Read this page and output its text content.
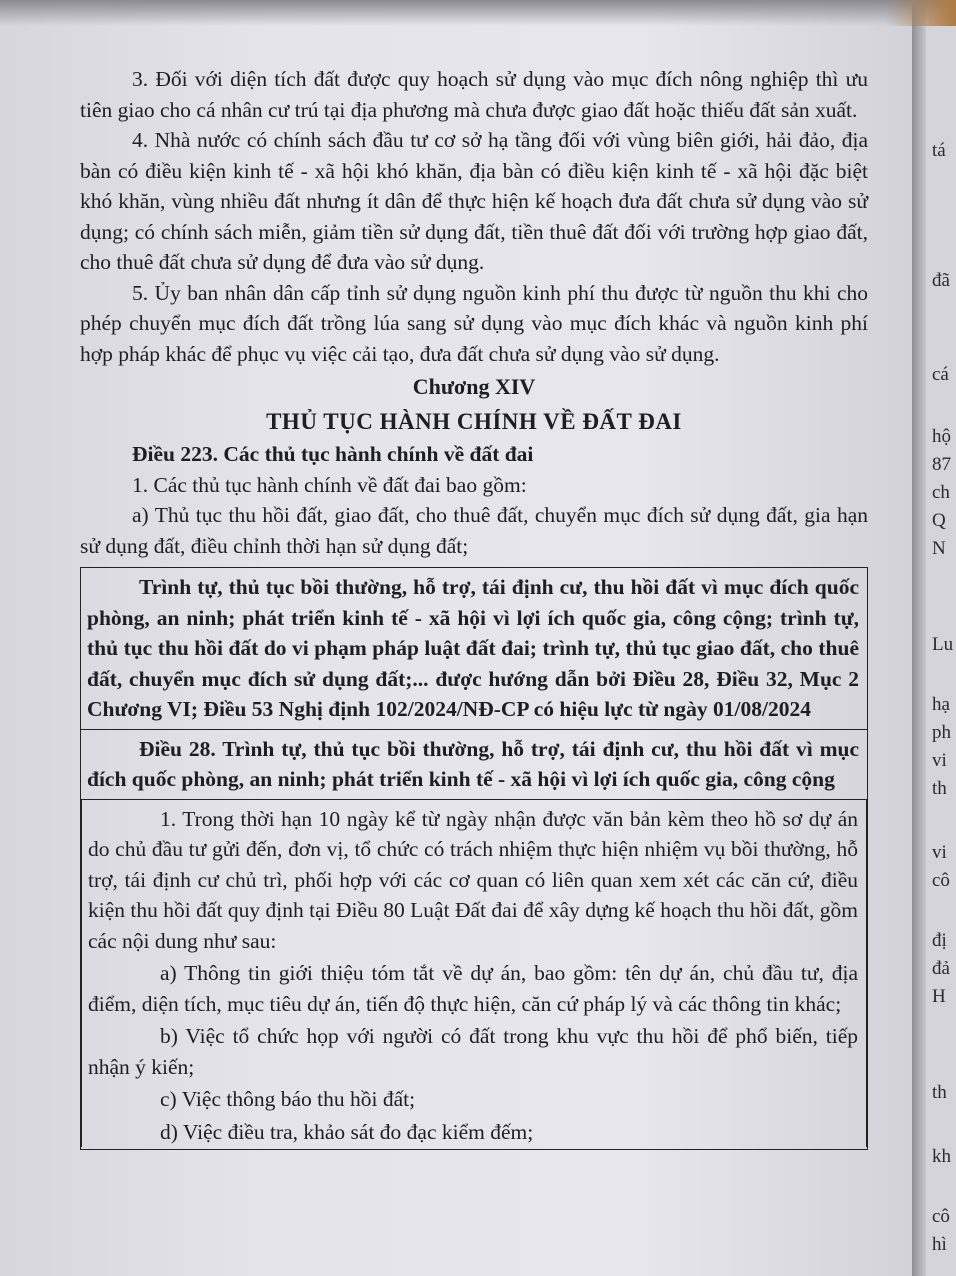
3. Đối với diện tích đất được quy hoạch sử dụng vào mục đích nông nghiệp thì ưu tiên giao cho cá nhân cư trú tại địa phương mà chưa được giao đất hoặc thiếu đất sản xuất.

4. Nhà nước có chính sách đầu tư cơ sở hạ tầng đối với vùng biên giới, hải đảo, địa bàn có điều kiện kinh tế - xã hội khó khăn, địa bàn có điều kiện kinh tế - xã hội đặc biệt khó khăn, vùng nhiều đất nhưng ít dân để thực hiện kế hoạch đưa đất chưa sử dụng vào sử dụng; có chính sách miễn, giảm tiền sử dụng đất, tiền thuê đất đối với trường hợp giao đất, cho thuê đất chưa sử dụng để đưa vào sử dụng.

5. Ủy ban nhân dân cấp tỉnh sử dụng nguồn kinh phí thu được từ nguồn thu khi cho phép chuyển mục đích đất trồng lúa sang sử dụng vào mục đích khác và nguồn kinh phí hợp pháp khác để phục vụ việc cải tạo, đưa đất chưa sử dụng vào sử dụng.

Chương XIV

THỦ TỤC HÀNH CHÍNH VỀ ĐẤT ĐAI

Điều 223. Các thủ tục hành chính về đất đai

1. Các thủ tục hành chính về đất đai bao gồm:

a) Thủ tục thu hồi đất, giao đất, cho thuê đất, chuyển mục đích sử dụng đất, gia hạn sử dụng đất, điều chỉnh thời hạn sử dụng đất;

Trình tự, thủ tục bồi thường, hỗ trợ, tái định cư, thu hồi đất vì mục đích quốc phòng, an ninh; phát triển kinh tế - xã hội vì lợi ích quốc gia, công cộng; trình tự, thủ tục thu hồi đất do vi phạm pháp luật đất đai; trình tự, thủ tục giao đất, cho thuê đất, chuyển mục đích sử dụng đất;... được hướng dẫn bởi Điều 28, Điều 32, Mục 2 Chương VI; Điều 53 Nghị định 102/2024/NĐ-CP có hiệu lực từ ngày 01/08/2024

Điều 28. Trình tự, thủ tục bồi thường, hỗ trợ, tái định cư, thu hồi đất vì mục đích quốc phòng, an ninh; phát triển kinh tế - xã hội vì lợi ích quốc gia, công cộng

1. Trong thời hạn 10 ngày kể từ ngày nhận được văn bản kèm theo hồ sơ dự án do chủ đầu tư gửi đến, đơn vị, tổ chức có trách nhiệm thực hiện nhiệm vụ bồi thường, hỗ trợ, tái định cư chủ trì, phối hợp với các cơ quan có liên quan xem xét các căn cứ, điều kiện thu hồi đất quy định tại Điều 80 Luật Đất đai để xây dựng kế hoạch thu hồi đất, gồm các nội dung như sau:

a) Thông tin giới thiệu tóm tắt về dự án, bao gồm: tên dự án, chủ đầu tư, địa điểm, diện tích, mục tiêu dự án, tiến độ thực hiện, căn cứ pháp lý và các thông tin khác;

b) Việc tổ chức họp với người có đất trong khu vực thu hồi để phổ biến, tiếp nhận ý kiến;

c) Việc thông báo thu hồi đất;

d) Việc điều tra, khảo sát đo đạc kiểm đếm;

tá
đã
cá
hộ
87
ch
Q
N
Lu
hạ
ph
vi
th
vi
cô
đị
đả
H
th
kh
cô
hì
